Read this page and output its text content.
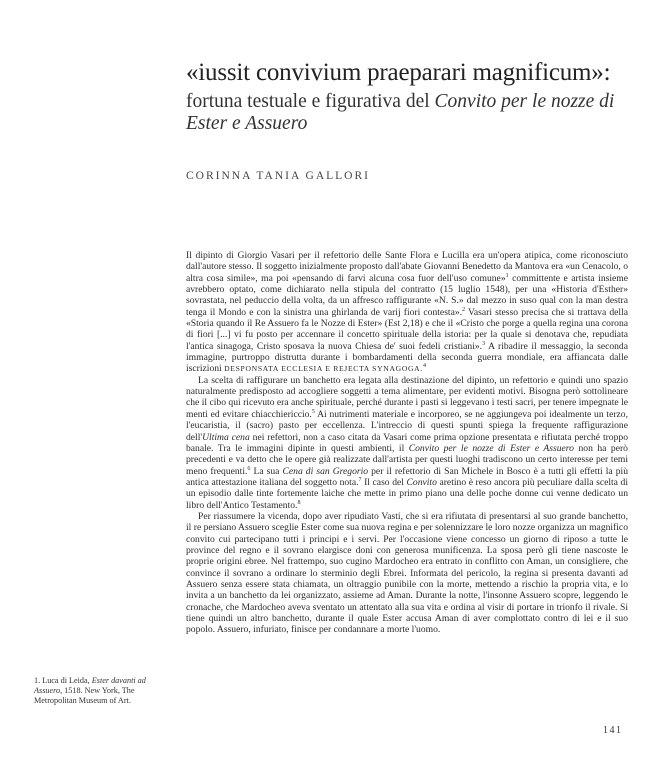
«iussit convivium praeparari magnificum»:
fortuna testuale e figurativa del Convito per le nozze di Ester e Assuero
CORINNA TANIA GALLORI

Il dipinto di Giorgio Vasari per il refettorio delle Sante Flora e Lucilla era un'opera atipica, come riconosciuto dall'autore stesso. Il soggetto inizialmente proposto dall'abate Giovanni Benedetto da Mantova era «un Cenacolo, o altra cosa simile», ma poi «pensando di farvi alcuna cosa fuor dell'uso comune»$^1$ committente e artista insieme avrebbero optato, come dichiarato nella stipula del contratto (15 luglio 1548), per una «Historia d'Esther» sovrastata, nel peduccio della volta, da un affresco raffigurante «N. S.» dal mezzo in suso qual con la man destra tenga il Mondo e con la sinistra una ghirlanda de varij fiori contesta».$^2$ Vasari stesso precisa che si trattava della «Storia quando il Re Assuero fa le Nozze di Ester» (Est 2,18) e che il «Cristo che porge a quella regina una corona di fiori [...] vi fu posto per accennare il concetto spirituale della istoria: per la quale si denotava che, repudiata l'antica sinagoga, Cristo sposava la nuova Chiesa de' suoi fedeli cristiani».$^3$ A ribadire il messaggio, la seconda immagine, purtroppo distrutta durante i bombardamenti della seconda guerra mondiale, era affiancata dalle iscrizioni DESPONSATA ECCLESIA E REJECTA SYNAGOGA.$^4$

La scelta di raffigurare un banchetto era legata alla destinazione del dipinto, un refettorio e quindi uno spazio naturalmente predisposto ad accogliere soggetti a tema alimentare, per evidenti motivi. Bisogna però sottolineare che il cibo qui ricevuto era anche spirituale, perché durante i pasti si leggevano i testi sacri, per tenere impegnate le menti ed evitare chiacchiericcio.$^5$ Ai nutrimenti materiale e incorporeo, se ne aggiungeva poi idealmente un terzo, l'eucaristia, il (sacro) pasto per eccellenza. L'intreccio di questi spunti spiega la frequente raffigurazione dell'Ultima cena nei refettori, non a caso citata da Vasari come prima opzione presentata e rifiutata perché troppo banale. Tra le immagini dipinte in questi ambienti, il Convito per le nozze di Ester e Assuero non ha però precedenti e va detto che le opere già realizzate dall'artista per questi luoghi tradiscono un certo interesse per temi meno frequenti.$^6$ La sua Cena di san Gregorio per il refettorio di San Michele in Bosco è a tutti gli effetti la più antica attestazione italiana del soggetto nota.$^7$ Il caso del Convito aretino è reso ancora più peculiare dalla scelta di un episodio dalle tinte fortemente laiche che mette in primo piano una delle poche donne cui venne dedicato un libro dell'Antico Testamento.$^8$

Per riassumere la vicenda, dopo aver ripudiato Vasti, che si era rifiutata di presentarsi al suo grande banchetto, il re persiano Assuero sceglie Ester come sua nuova regina e per solennizzare le loro nozze organizza un magnifico convito cui partecipano tutti i principi e i servi. Per l'occasione viene concesso un giorno di riposo a tutte le province del regno e il sovrano elargisce doni con generosa munificenza. La sposa però gli tiene nascoste le proprie origini ebree. Nel frattempo, suo cugino Mardocheo era entrato in conflitto con Aman, un consigliere, che convince il sovrano a ordinare lo sterminio degli Ebrei. Informata del pericolo, la regina si presenta davanti ad Assuero senza essere stata chiamata, un oltraggio punibile con la morte, mettendo a rischio la propria vita, e lo invita a un banchetto da lei organizzato, assieme ad Aman. Durante la notte, l'insonne Assuero scopre, leggendo le cronache, che Mardocheo aveva sventato un attentato alla sua vita e ordina al visir di portare in trionfo il rivale. Si tiene quindi un altro banchetto, durante il quale Ester accusa Aman di aver complottato contro di lei e il suo popolo. Assuero, infuriato, finisce per condannare a morte l'uomo.

1. Luca di Leida, Ester davanti ad Assuero, 1518. New York, The Metropolitan Museum of Art.
141
